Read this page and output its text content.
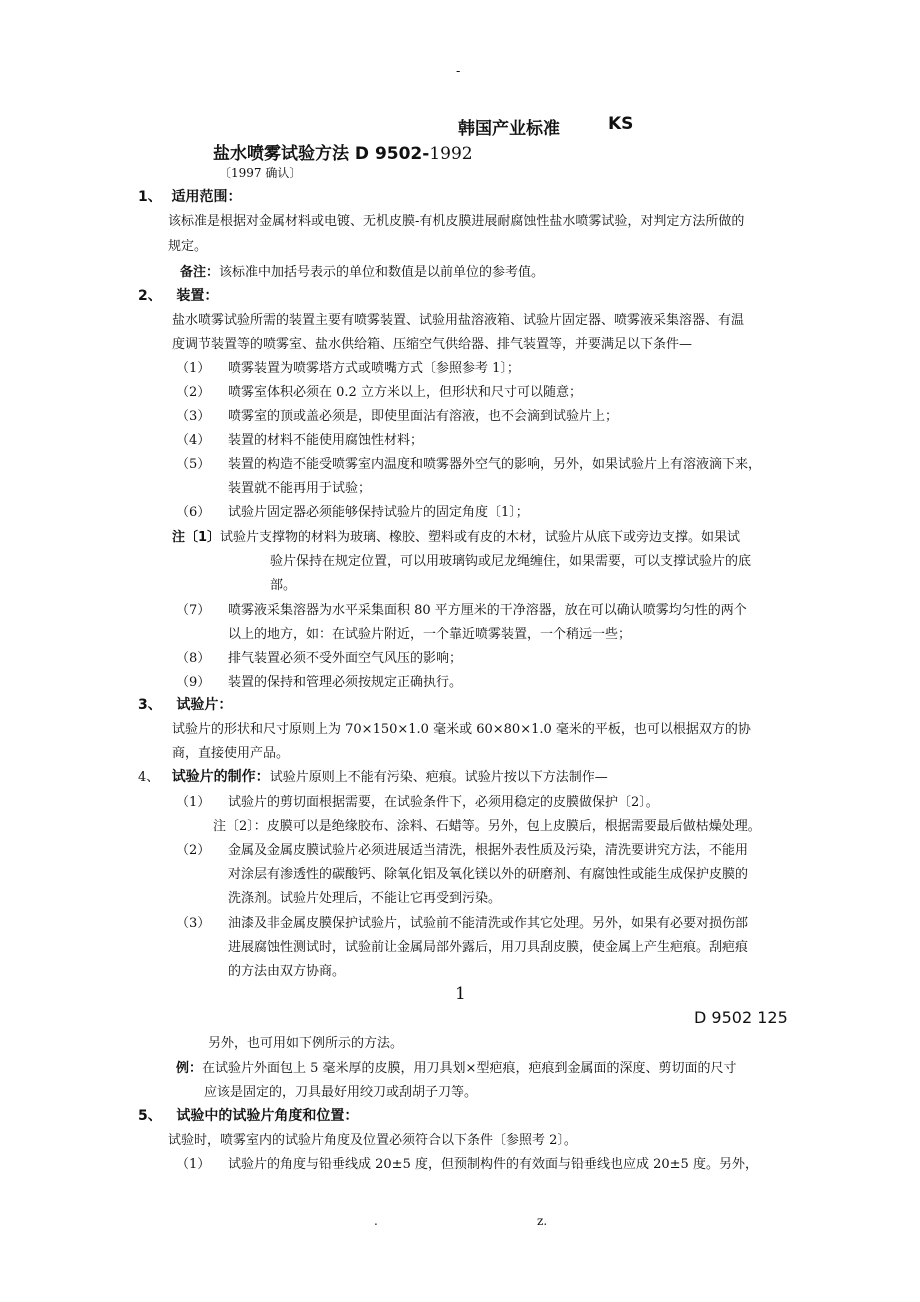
-
韩国产业标准	KS
盐水喷雾试验方法 D 9502-1992
〔1997 确认〕
1、 适用范围：
该标准是根据对金属材料或电镀、无机皮膜-有机皮膜进展耐腐蚀性盐水喷雾试验，对判定方法所做的
规定。
备注：该标准中加括号表示的单位和数值是以前单位的参考值。
2、 装置：
盐水喷雾试验所需的装置主要有喷雾装置、试验用盐溶液箱、试验片固定器、喷雾液采集溶器、有温
度调节装置等的喷雾室、盐水供给箱、压缩空气供给器、排气装置等，并要满足以下条件—
（1） 喷雾装置为喷雾塔方式或喷嘴方式〔参照参考 1〕；
（2） 喷雾室体积必须在 0.2 立方米以上，但形状和尺寸可以随意；
（3） 喷雾室的顶或盖必须是，即使里面沾有溶液，也不会滴到试验片上；
（4） 装置的材料不能使用腐蚀性材料；
（5） 装置的构造不能受喷雾室内温度和喷雾器外空气的影响，另外，如果试验片上有溶液滴下来，
装置就不能再用于试验；
（6） 试验片固定器必须能够保持试验片的固定角度〔1〕；
注〔1〕试验片支撑物的材料为玻璃、橡胶、塑料或有皮的木材，试验片从底下或旁边支撑。如果试
验片保持在规定位置，可以用玻璃钩或尼龙绳缠住，如果需要，可以支撑试验片的底
部。
（7） 喷雾液采集溶器为水平采集面积 80 平方厘米的干净溶器，放在可以确认喷雾均匀性的两个
以上的地方，如：在试验片附近，一个靠近喷雾装置，一个稍远一些；
（8） 排气装置必须不受外面空气风压的影响；
（9） 装置的保持和管理必须按规定正确执行。
3、 试验片：
试验片的形状和尺寸原则上为 70×150×1.0 毫米或 60×80×1.0 毫米的平板，也可以根据双方的协
商，直接使用产品。
4、 试验片的制作：试验片原则上不能有污染、疤痕。试验片按以下方法制作—
（1） 试验片的剪切面根据需要，在试验条件下，必须用稳定的皮膜做保护〔2〕。
注〔2〕：皮膜可以是绝缘胶布、涂料、石蜡等。另外，包上皮膜后，根据需要最后做枯燥处理。
（2） 金属及金属皮膜试验片必须进展适当清洗，根据外表性质及污染，清洗要讲究方法，不能用
对涂层有渗透性的碳酸钙、除氧化铝及氧化镁以外的研磨剂、有腐蚀性或能生成保护皮膜的
洗涤剂。试验片处理后，不能让它再受到污染。
（3） 油漆及非金属皮膜保护试验片，试验前不能清洗或作其它处理。另外，如果有必要对损伤部
进展腐蚀性测试时，试验前让金属局部外露后，用刀具刮皮膜，使金属上产生疤痕。刮疤痕
的方法由双方协商。
1
D 9502 125
另外，也可用如下例所示的方法。
例：在试验片外面包上 5 毫米厚的皮膜，用刀具划×型疤痕，疤痕到金属面的深度、剪切面的尺寸
应该是固定的，刀具最好用绞刀或刮胡子刀等。
5、 试验中的试验片角度和位置：
试验时，喷雾室内的试验片角度及位置必须符合以下条件〔参照考 2〕。
（1） 试验片的角度与铅垂线成 20±5 度，但预制构件的有效面与铅垂线也应成 20±5 度。另外，
.	z.
